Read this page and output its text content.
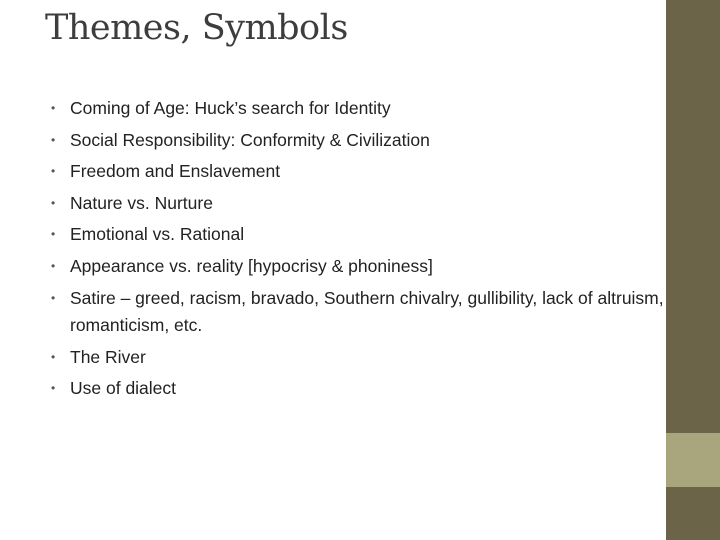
Themes, Symbols
• Coming of Age: Huck’s search for Identity
• Social Responsibility: Conformity & Civilization
• Freedom and Enslavement
• Nature vs. Nurture
• Emotional vs. Rational
• Appearance vs. reality [hypocrisy & phoniness]
• Satire – greed, racism, bravado, Southern chivalry, gullibility, lack of altruism, romanticism, etc.
• The River
• Use of dialect
